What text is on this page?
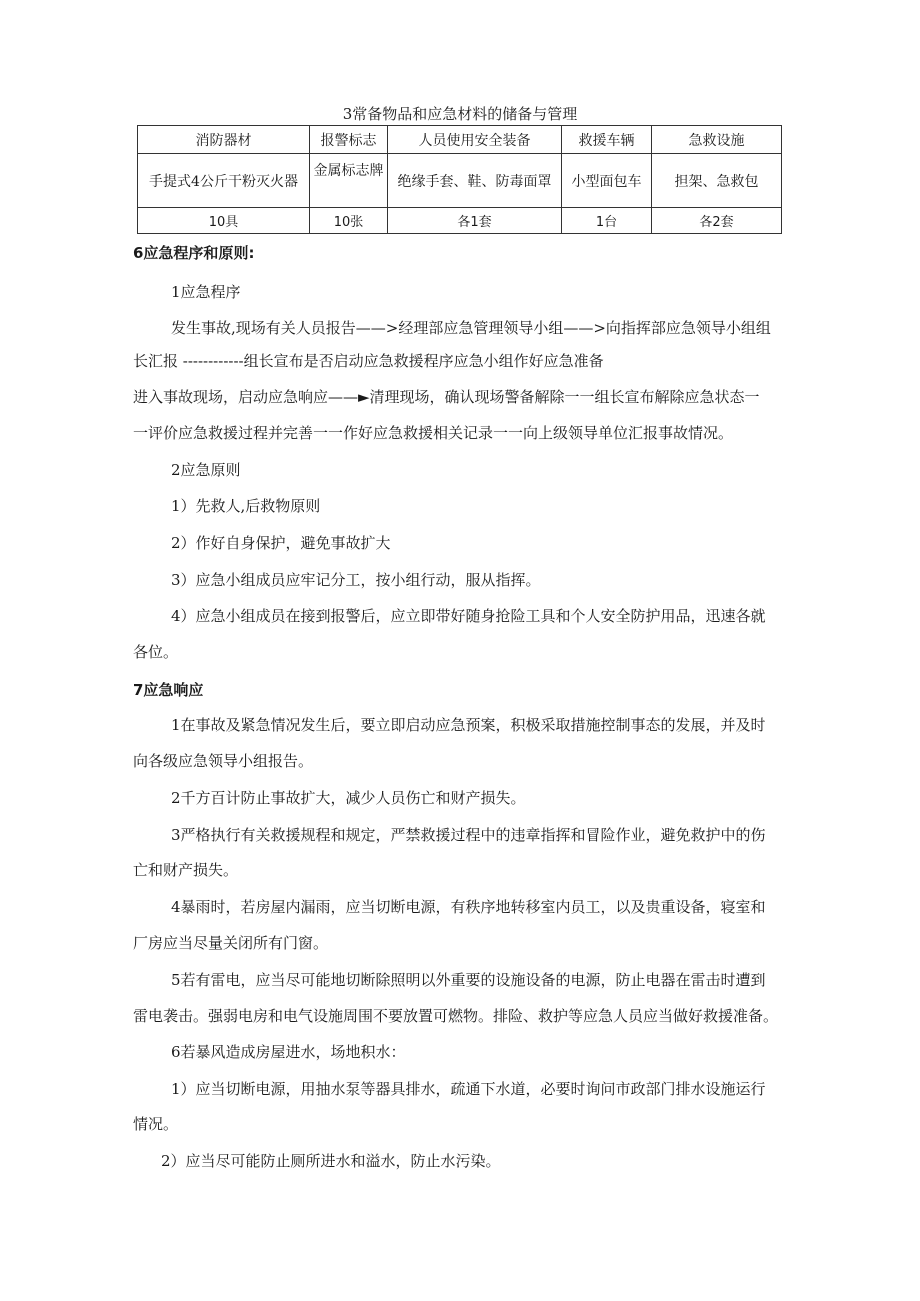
3常备物品和应急材料的储备与管理
消防器材	报警标志	人员使用安全装备	救援车辆	急救设施
手提式4公斤干粉灭火器	金属标志牌	绝缘手套、鞋、防毒面罩	小型面包车	担架、急救包
10具	10张	各1套	1台	各2套
6应急程序和原则:
1应急程序
发生事故,现场有关人员报告——>经理部应急管理领导小组——>向指挥部应急领导小组组
长汇报 ------------组长宣布是否启动应急救援程序应急小组作好应急准备
进入事故现场，启动应急响应——►清理现场，确认现场警备解除一一组长宣布解除应急状态一
一评价应急救援过程并完善一一作好应急救援相关记录一一向上级领导单位汇报事故情况。
2应急原则
1）先救人,后救物原则
2）作好自身保护，避免事故扩大
3）应急小组成员应牢记分工，按小组行动，服从指挥。
4）应急小组成员在接到报警后，应立即带好随身抢险工具和个人安全防护用品，迅速各就
各位。
7应急响应
1在事故及紧急情况发生后，要立即启动应急预案，积极采取措施控制事态的发展，并及时
向各级应急领导小组报告。
2千方百计防止事故扩大，减少人员伤亡和财产损失。
3严格执行有关救援规程和规定，严禁救援过程中的违章指挥和冒险作业，避免救护中的伤
亡和财产损失。
4暴雨时，若房屋内漏雨，应当切断电源，有秩序地转移室内员工，以及贵重设备，寝室和
厂房应当尽量关闭所有门窗。
5若有雷电，应当尽可能地切断除照明以外重要的设施设备的电源，防止电器在雷击时遭到
雷电袭击。强弱电房和电气设施周围不要放置可燃物。排险、救护等应急人员应当做好救援准备。
6若暴风造成房屋进水，场地积水：
1）应当切断电源，用抽水泵等器具排水，疏通下水道，必要时询问市政部门排水设施运行
情况。
2）应当尽可能防止厕所进水和溢水，防止水污染。
